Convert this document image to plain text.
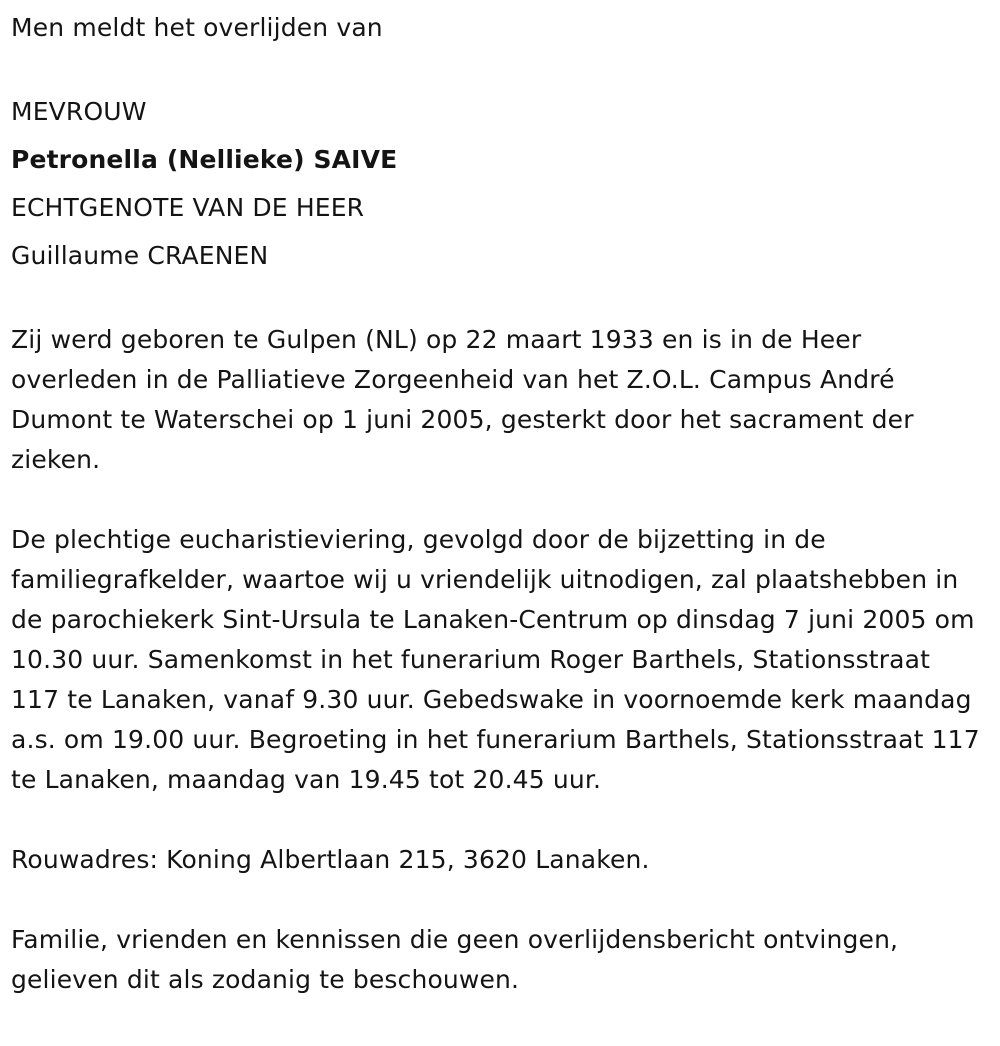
Men meldt het overlijden van

MEVROUW

Petronella (Nellieke) SAIVE

ECHTGENOTE VAN DE HEER

Guillaume CRAENEN

Zij werd geboren te Gulpen (NL) op 22 maart 1933 en is in de Heer overleden in de Palliatieve Zorgeenheid van het Z.O.L. Campus André Dumont te Waterschei op 1 juni 2005, gesterkt door het sacrament der zieken.

De plechtige eucharistieviering, gevolgd door de bijzetting in de familiegrafkelder, waartoe wij u vriendelijk uitnodigen, zal plaatshebben in de parochiekerk Sint-Ursula te Lanaken-Centrum op dinsdag 7 juni 2005 om 10.30 uur. Samenkomst in het funerarium Roger Barthels, Stationsstraat 117 te Lanaken, vanaf 9.30 uur. Gebedswake in voornoemde kerk maandag a.s. om 19.00 uur. Begroeting in het funerarium Barthels, Stationsstraat 117 te Lanaken, maandag van 19.45 tot 20.45 uur.

Rouwadres: Koning Albertlaan 215, 3620 Lanaken.

Familie, vrienden en kennissen die geen overlijdensbericht ontvingen, gelieven dit als zodanig te beschouwen.
